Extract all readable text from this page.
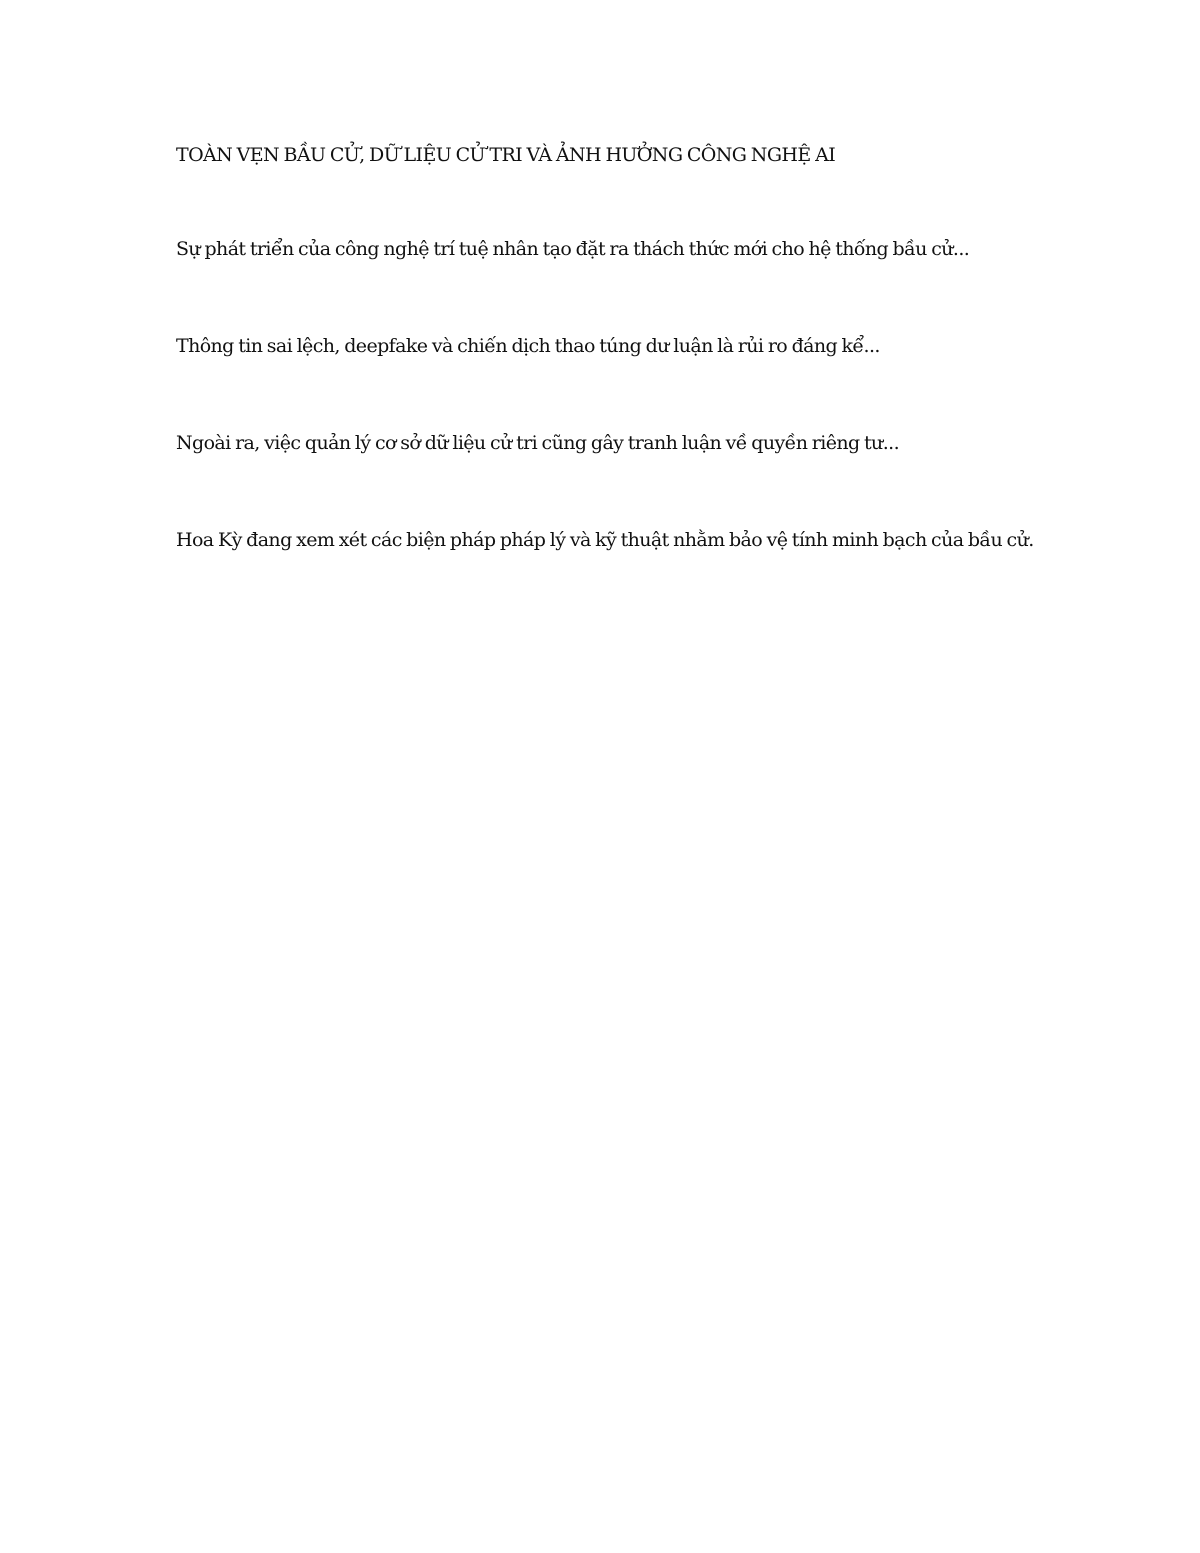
TOÀN VẸN BẦU CỬ, DỮ LIỆU CỬ TRI VÀ ẢNH HƯỞNG CÔNG NGHỆ AI

Sự phát triển của công nghệ trí tuệ nhân tạo đặt ra thách thức mới cho hệ thống bầu cử...

Thông tin sai lệch, deepfake và chiến dịch thao túng dư luận là rủi ro đáng kể...

Ngoài ra, việc quản lý cơ sở dữ liệu cử tri cũng gây tranh luận về quyền riêng tư...

Hoa Kỳ đang xem xét các biện pháp pháp lý và kỹ thuật nhằm bảo vệ tính minh bạch của bầu cử.
